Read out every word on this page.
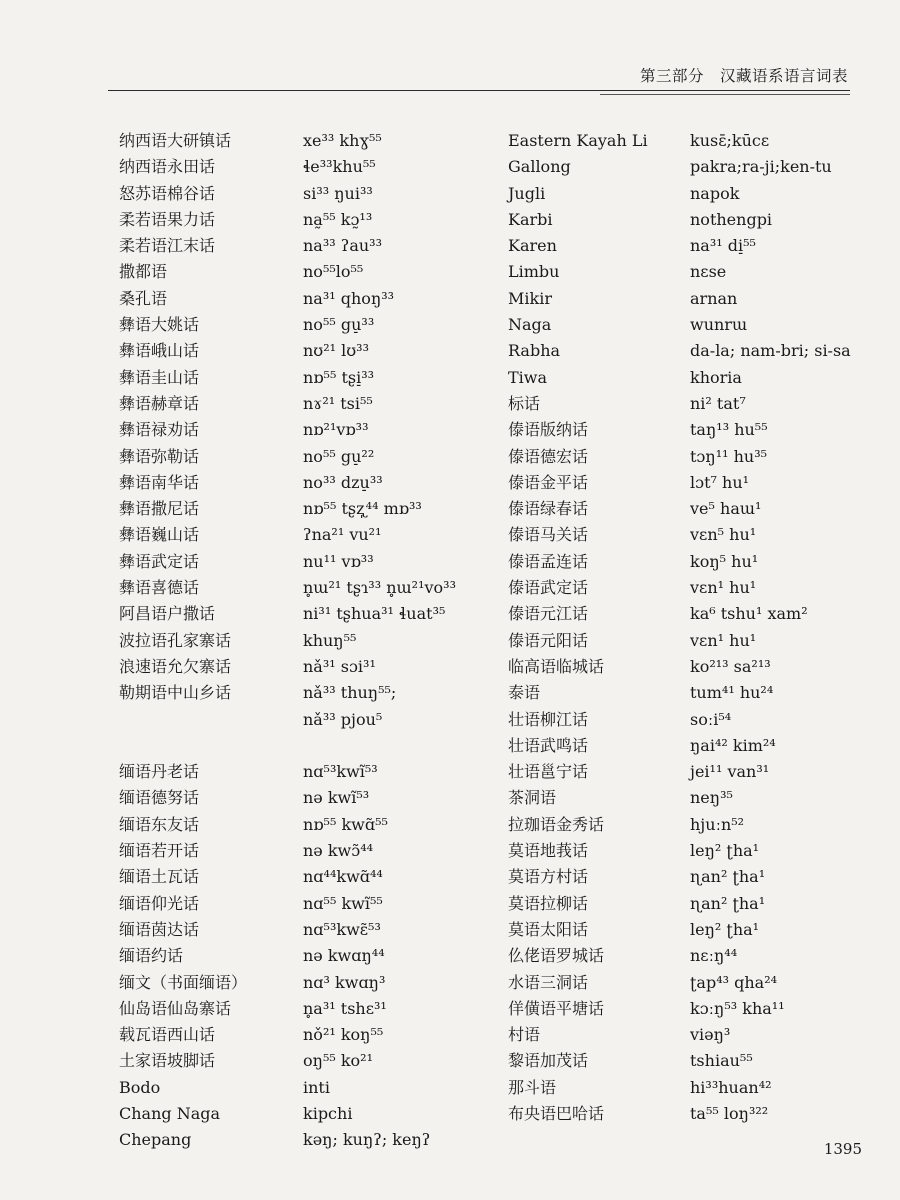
第三部分　汉藏语系语言词表
纳西语大研镇话
纳西语永田话
怒苏语棉谷话
柔若语果力话
柔若语江末话
撒都语
桑孔语
彝语大姚话
彝语峨山话
彝语圭山话
彝语赫章话
彝语禄劝话
彝语弥勒话
彝语南华话
彝语撒尼话
彝语巍山话
彝语武定话
彝语喜德话
阿昌语户撒话
波拉语孔家寨话
浪速语允欠寨话
勒期语中山乡话
缅语丹老话
缅语德努话
缅语东友话
缅语若开话
缅语土瓦话
缅语仰光话
缅语茵达话
缅语约话
缅文（书面缅语）
仙岛语仙岛寨话
载瓦语西山话
土家语坡脚话
Bodo
Chang Naga
Chepang
xe³³ khɣ⁵⁵
ɬe³³khu⁵⁵
si³³ ŋui³³
na̰⁵⁵ kɔ̰¹³
na³³ ʔau³³
no⁵⁵lo⁵⁵
na³¹ qhoŋ³³
no⁵⁵ gu̠³³
nʊ²¹ lʊ³³
nɒ⁵⁵ tʂi̠³³
nɤ²¹ tsi⁵⁵
nɒ²¹vɒ³³
no⁵⁵ gu̠²²
no³³ dzu̠³³
nɒ⁵⁵ tʂʐ̩⁴⁴ mɒ³³
ʔna²¹ vu²¹
nu¹¹ vɒ³³
n̥ɯ²¹ tʂɿ³³ n̥ɯ²¹vo³³
ni³¹ tʂhua³¹ ɬuat³⁵
khuŋ⁵⁵
nǎ³¹ sɔi³¹
nǎ³³ thuŋ⁵⁵;
nǎ³³ pjou⁵
nɑ⁵³kwĩ⁵³
nə kwĩ⁵³
nɒ⁵⁵ kwɑ̃⁵⁵
nə kwɔ̃⁴⁴
nɑ⁴⁴kwɑ̃⁴⁴
nɑ⁵⁵ kwĩ⁵⁵
nɑ⁵³kwɛ̃⁵³
nə kwɑŋ⁴⁴
nɑ³ kwɑŋ³
n̥a³¹ tshɛ³¹
nǒ²¹ koŋ⁵⁵
oŋ⁵⁵ ko²¹
inti
kipchi
kəŋ; kuŋʔ; keŋʔ
Eastern Kayah Li
Gallong
Jugli
Karbi
Karen
Limbu
Mikir
Naga
Rabha
Tiwa
标话
傣语版纳话
傣语德宏话
傣语金平话
傣语绿春话
傣语马关话
傣语孟连话
傣语武定话
傣语元江话
傣语元阳话
临高语临城话
泰语
壮语柳江话
壮语武鸣话
壮语邕宁话
茶洞语
拉珈语金秀话
莫语地莪话
莫语方村话
莫语拉柳话
莫语太阳话
仫佬语罗城话
水语三洞话
佯僙语平塘话
村语
黎语加茂话
那斗语
布央语巴哈话
kusɛ̄;kūcɛ
pakra;ra-ji;ken-tu
napok
nothengpi
na³¹ di̠⁵⁵
nɛse
arnan
wunrɯ
da-la; nam-bri; si-sa
khoria
ni² tat⁷
taŋ¹³ hu⁵⁵
tɔŋ¹¹ hu³⁵
lɔt⁷ hu¹
ve⁵ haɯ¹
vɛn⁵ hu¹
koŋ⁵ hu¹
vɛn¹ hu¹
ka⁶ tshu¹ xam²
vɛn¹ hu¹
ko²¹³ sa²¹³
tum⁴¹ hu²⁴
soːi⁵⁴
ŋai⁴² kim²⁴
jei¹¹ van³¹
neŋ³⁵
hjuːn⁵²
leŋ² ʈha¹
ɳan² ʈha¹
ɳan² ʈha¹
leŋ² ʈha¹
nɛːŋ⁴⁴
ʈap⁴³ qha²⁴
kɔːŋ⁵³ kha¹¹
viəŋ³
tshiau⁵⁵
hi³³huan⁴²
ta⁵⁵ loŋ³²²
1395
